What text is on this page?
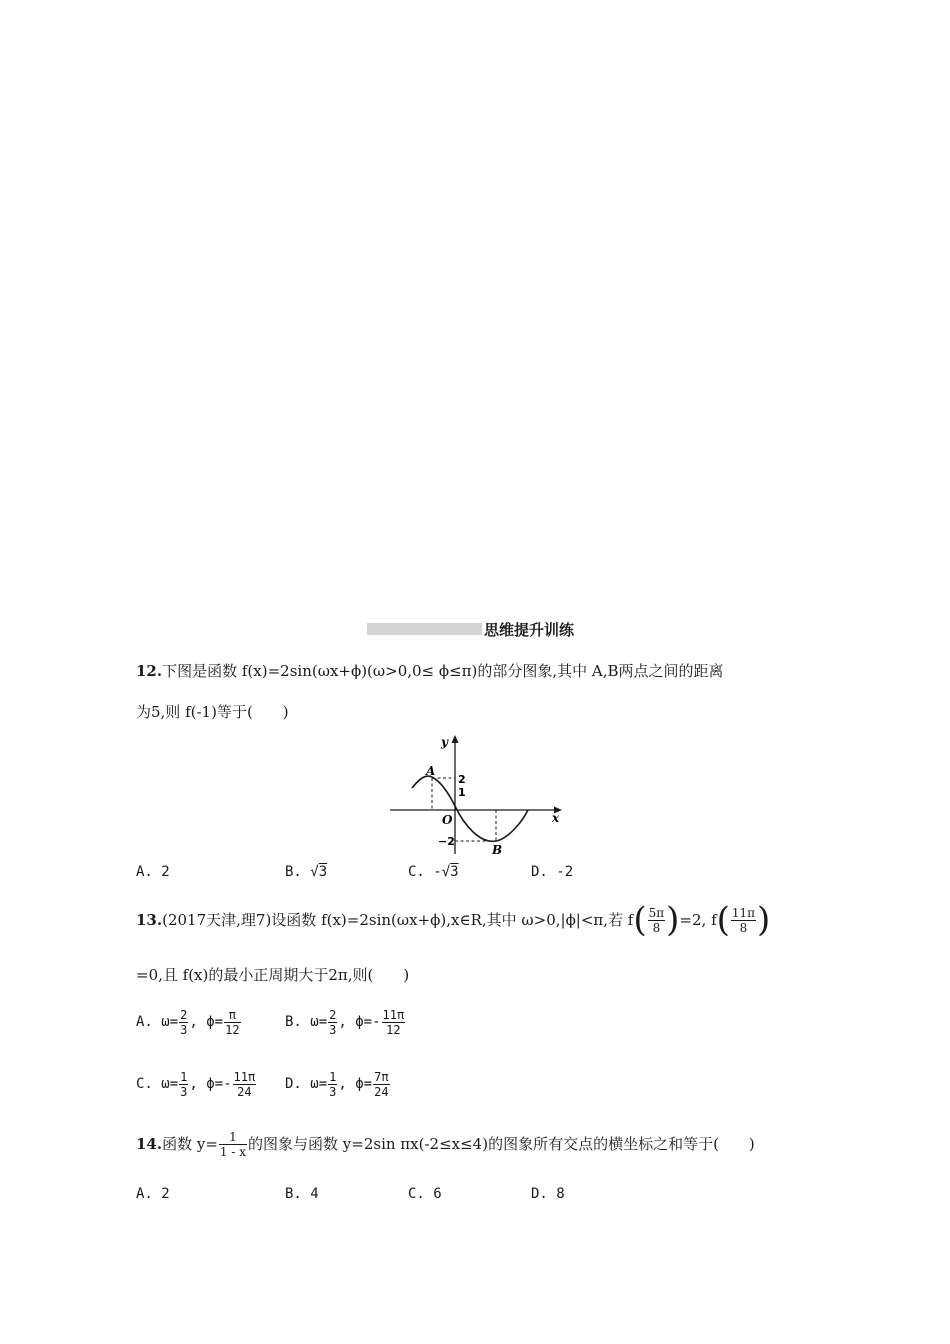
思维提升训练
12.下图是函数 f(x)=2sin(ωx+ϕ)(ω>0,0≤ ϕ≤π)的部分图象,其中 A,B两点之间的距离
为5,则 f(-1)等于(　　)
y
x
A
B
O
2
1
−2
A. 2	B. √3	C. -√3	D. -2
13. (2017天津,理7)设函数 f(x)=2sin(ωx+ϕ),x∈R,其中 ω>0,|ϕ|<π,若 f ( $\frac{5\pi}{8}$ ) =2, f ( $\frac{11\pi}{8}$ )
=0,且 f(x)的最小正周期大于2π,则(　　)
A. $\omega= \frac{2}{3}$ , $\phi= \frac{\pi}{12}$	B. $\omega= \frac{2}{3}$ , $\phi=- \frac{11\pi}{12}$
C. $\omega= \frac{1}{3}$ , $\phi=- \frac{11\pi}{24} D$. $\omega= \frac{1}{3}$ , $\phi= \frac{7\pi}{24}$
14. 函数 $y= \frac{1}{1 - x}$ 的图象与函数 y=2sin πx(-2≤x≤4)的图象所有交点的横坐标之和等于(　　)
A. 2	B. 4	C. 6	D. 8
